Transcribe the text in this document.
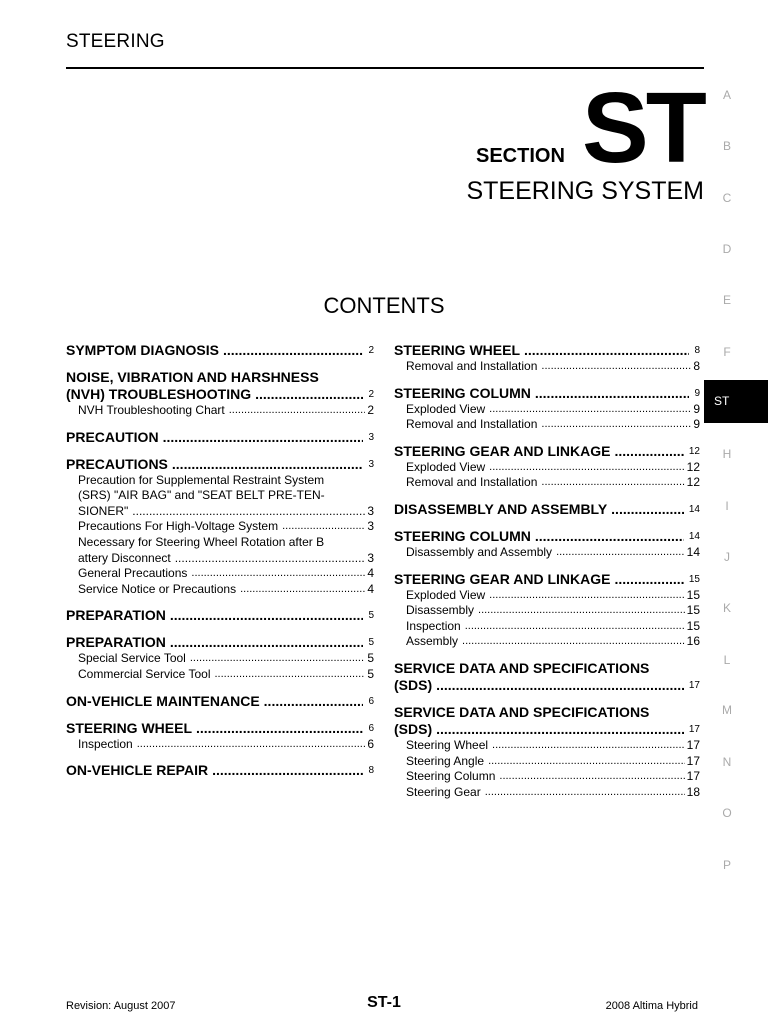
STEERING
SECTION ST
STEERING SYSTEM
CONTENTS
SYMPTOM DIAGNOSIS .....	2
NOISE, VIBRATION AND HARSHNESS
(NVH) TROUBLESHOOTING .....	2
NVH Troubleshooting Chart .....	2
PRECAUTION .....	3
PRECAUTIONS .....	3
Precaution for Supplemental Restraint System
(SRS) "AIR BAG" and "SEAT BELT PRE-TEN-
SIONER" .....	3
Precautions For High-Voltage System .....	3
Necessary for Steering Wheel Rotation after B
attery Disconnect .....	3
General Precautions .....	4
Service Notice or Precautions .....	4
PREPARATION .....	5
PREPARATION .....	5
Special Service Tool .....	5
Commercial Service Tool .....	5
ON-VEHICLE MAINTENANCE .....	6
STEERING WHEEL .....	6
Inspection .....	6
ON-VEHICLE REPAIR .....	8
STEERING WHEEL .....	8
Removal and Installation .....	8
STEERING COLUMN .....	9
Exploded View .....	9
Removal and Installation .....	9
STEERING GEAR AND LINKAGE .....	12
Exploded View .....	12
Removal and Installation .....	12
DISASSEMBLY AND ASSEMBLY .....	14
STEERING COLUMN .....	14
Disassembly and Assembly .....	14
STEERING GEAR AND LINKAGE .....	15
Exploded View .....	15
Disassembly .....	15
Inspection .....	15
Assembly .....	16
SERVICE DATA AND SPECIFICATIONS
(SDS) .....	17
SERVICE DATA AND SPECIFICATIONS
(SDS) .....	17
Steering Wheel .....	17
Steering Angle .....	17
Steering Column .....	17
Steering Gear .....	18
ST
A
B
C
D
E
F
H
I
J
K
L
M
N
O
P
Revision: August 2007	ST-1	2008 Altima Hybrid
